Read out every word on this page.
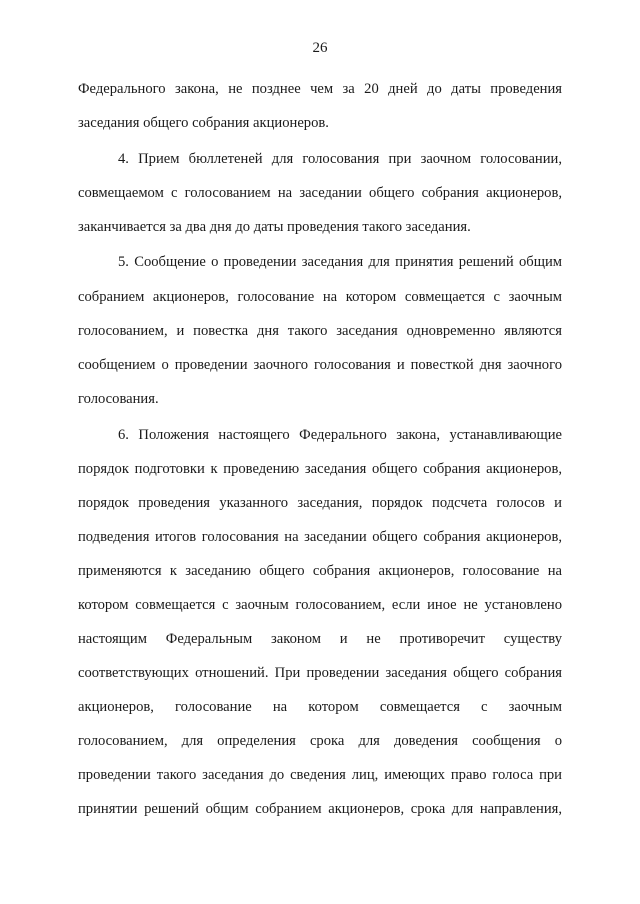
26
Федерального закона, не позднее чем за 20 дней до даты проведения
заседания общего собрания акционеров.
4. Прием бюллетеней для голосования при заочном голосовании,
совмещаемом с голосованием на заседании общего собрания акционеров,
заканчивается за два дня до даты проведения такого заседания.
5. Сообщение о проведении заседания для принятия решений общим
собранием акционеров, голосование на котором совмещается с заочным
голосованием, и повестка дня такого заседания одновременно являются
сообщением о проведении заочного голосования и повесткой дня заочного
голосования.
6. Положения настоящего Федерального закона, устанавливающие
порядок подготовки к проведению заседания общего собрания акционеров,
порядок проведения указанного заседания, порядок подсчета голосов и
подведения итогов голосования на заседании общего собрания акционеров,
применяются к заседанию общего собрания акционеров, голосование на
котором совмещается с заочным голосованием, если иное не установлено
настоящим Федеральным законом и не противоречит существу
соответствующих отношений. При проведении заседания общего собрания
акционеров, голосование на котором совмещается с заочным
голосованием, для определения срока для доведения сообщения о
проведении такого заседания до сведения лиц, имеющих право голоса при
принятии решений общим собранием акционеров, срока для направления,
